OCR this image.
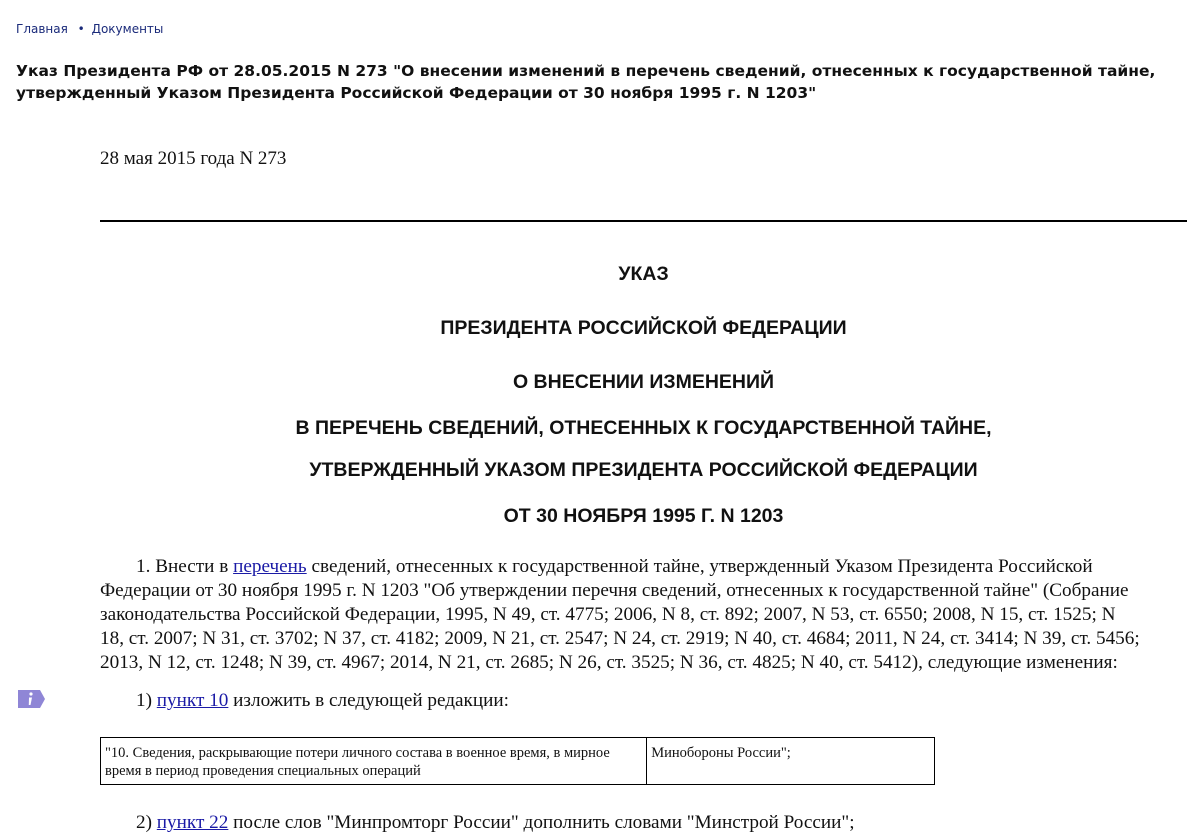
Главная • Документы
Указ Президента РФ от 28.05.2015 N 273 "О внесении изменений в перечень сведений, отнесенных к государственной тайне, утвержденный Указом Президента Российской Федерации от 30 ноября 1995 г. N 1203"
28 мая 2015 года N 273
УКАЗ
ПРЕЗИДЕНТА РОССИЙСКОЙ ФЕДЕРАЦИИ
О ВНЕСЕНИИ ИЗМЕНЕНИЙ
В ПЕРЕЧЕНЬ СВЕДЕНИЙ, ОТНЕСЕННЫХ К ГОСУДАРСТВЕННОЙ ТАЙНЕ,
УТВЕРЖДЕННЫЙ УКАЗОМ ПРЕЗИДЕНТА РОССИЙСКОЙ ФЕДЕРАЦИИ
ОТ 30 НОЯБРЯ 1995 Г. N 1203
1. Внести в перечень сведений, отнесенных к государственной тайне, утвержденный Указом Президента Российской
Федерации от 30 ноября 1995 г. N 1203 "Об утверждении перечня сведений, отнесенных к государственной тайне" (Собрание
законодательства Российской Федерации, 1995, N 49, ст. 4775; 2006, N 8, ст. 892; 2007, N 53, ст. 6550; 2008, N 15, ст. 1525; N
18, ст. 2007; N 31, ст. 3702; N 37, ст. 4182; 2009, N 21, ст. 2547; N 24, ст. 2919; N 40, ст. 4684; 2011, N 24, ст. 3414; N 39, ст. 5456;
2013, N 12, ст. 1248; N 39, ст. 4967; 2014, N 21, ст. 2685; N 26, ст. 3525; N 36, ст. 4825; N 40, ст. 5412), следующие изменения:
1) пункт 10 изложить в следующей редакции:
"10. Сведения, раскрывающие потери личного состава в военное время, в мирное время в период проведения специальных операций	Минобороны России";
2) пункт 22 после слов "Минпромторг России" дополнить словами "Минстрой России";
